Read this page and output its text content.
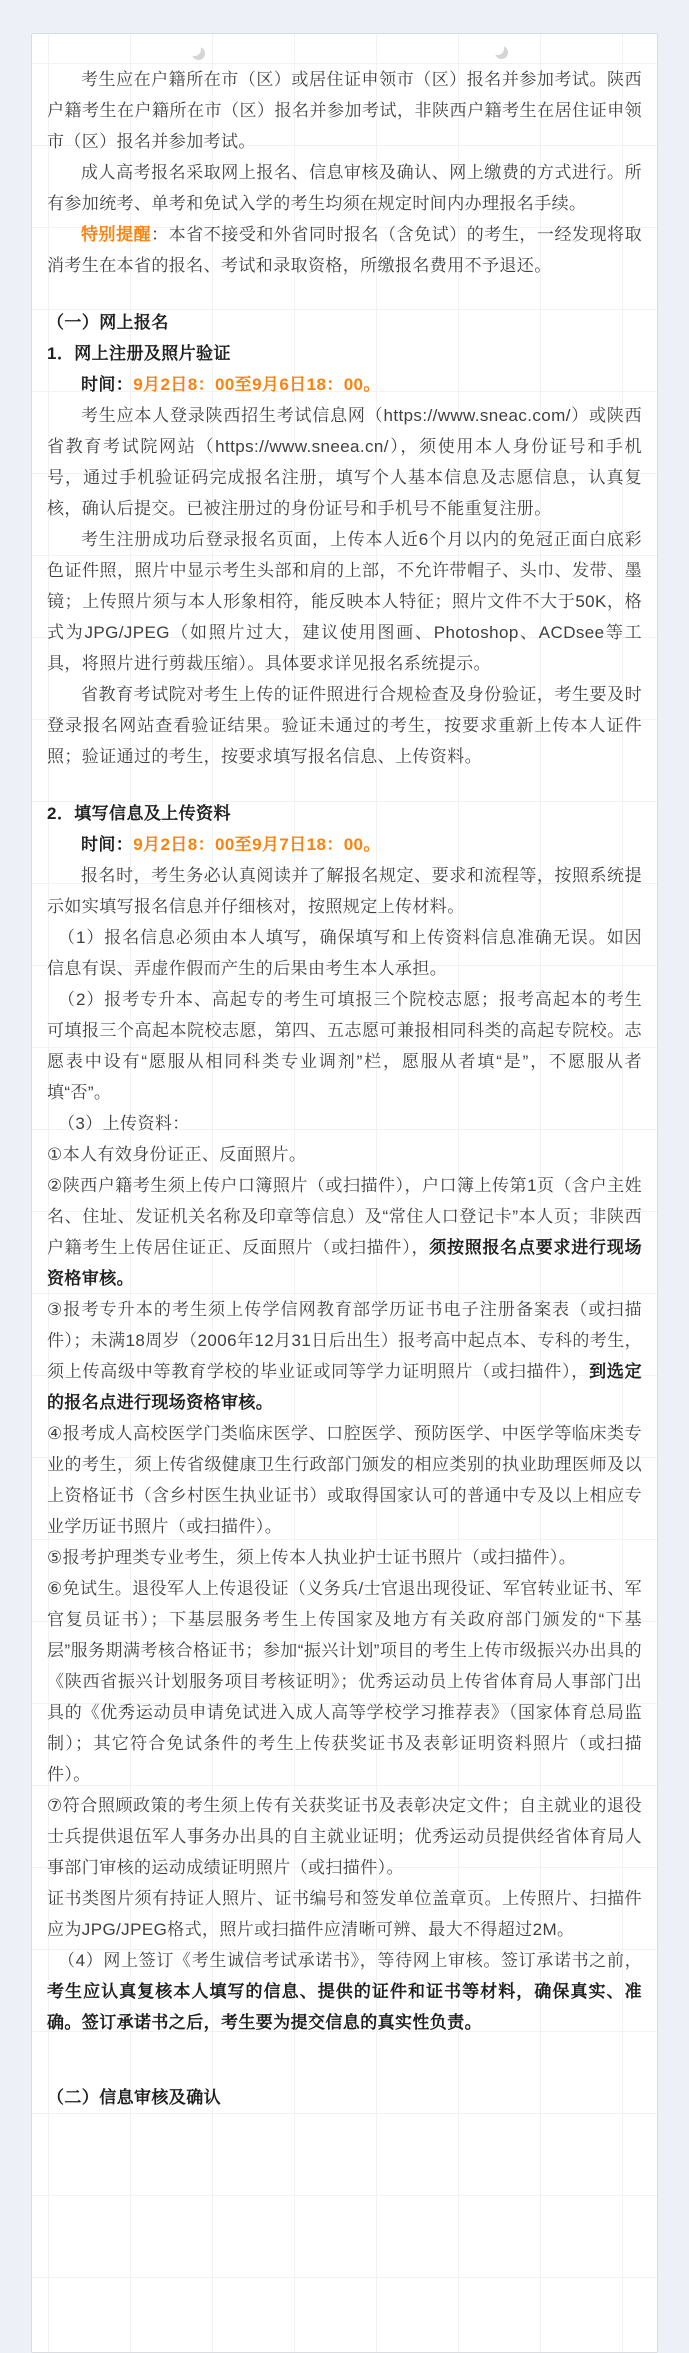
考生应在户籍所在市（区）或居住证申领市（区）报名并参加考试。陕西户籍考生在户籍所在市（区）报名并参加考试，非陕西户籍考生在居住证申领市（区）报名并参加考试。
成人高考报名采取网上报名、信息审核及确认、网上缴费的方式进行。所有参加统考、单考和免试入学的考生均须在规定时间内办理报名手续。
特别提醒：本省不接受和外省同时报名（含免试）的考生，一经发现将取消考生在本省的报名、考试和录取资格，所缴报名费用不予退还。
（一）网上报名
1．网上注册及照片验证
时间：9月2日8：00至9月6日18：00。
考生应本人登录陕西招生考试信息网（https://www.sneac.com/）或陕西省教育考试院网站（https://www.sneea.cn/），须使用本人身份证号和手机号，通过手机验证码完成报名注册，填写个人基本信息及志愿信息，认真复核，确认后提交。已被注册过的身份证号和手机号不能重复注册。
考生注册成功后登录报名页面，上传本人近6个月以内的免冠正面白底彩色证件照，照片中显示考生头部和肩的上部，不允许带帽子、头巾、发带、墨镜；上传照片须与本人形象相符，能反映本人特征；照片文件不大于50K，格式为JPG/JPEG（如照片过大，建议使用图画、Photoshop、ACDsee等工具，将照片进行剪裁压缩）。具体要求详见报名系统提示。
省教育考试院对考生上传的证件照进行合规检查及身份验证，考生要及时登录报名网站查看验证结果。验证未通过的考生，按要求重新上传本人证件照；验证通过的考生，按要求填写报名信息、上传资料。
2．填写信息及上传资料
时间：9月2日8：00至9月7日18：00。
报名时，考生务必认真阅读并了解报名规定、要求和流程等，按照系统提示如实填写报名信息并仔细核对，按照规定上传材料。
（1）报名信息必须由本人填写，确保填写和上传资料信息准确无误。如因信息有误、弄虚作假而产生的后果由考生本人承担。
（2）报考专升本、高起专的考生可填报三个院校志愿；报考高起本的考生可填报三个高起本院校志愿，第四、五志愿可兼报相同科类的高起专院校。志愿表中设有“愿服从相同科类专业调剂”栏，愿服从者填“是”，不愿服从者填“否”。
（3）上传资料：
①本人有效身份证正、反面照片。
②陕西户籍考生须上传户口簿照片（或扫描件），户口簿上传第1页（含户主姓名、住址、发证机关名称及印章等信息）及“常住人口登记卡”本人页；非陕西户籍考生上传居住证正、反面照片（或扫描件），须按照报名点要求进行现场资格审核。
③报考专升本的考生须上传学信网教育部学历证书电子注册备案表（或扫描件）；未满18周岁（2006年12月31日后出生）报考高中起点本、专科的考生，须上传高级中等教育学校的毕业证或同等学力证明照片（或扫描件），到选定的报名点进行现场资格审核。
④报考成人高校医学门类临床医学、口腔医学、预防医学、中医学等临床类专业的考生，须上传省级健康卫生行政部门颁发的相应类别的执业助理医师及以上资格证书（含乡村医生执业证书）或取得国家认可的普通中专及以上相应专业学历证书照片（或扫描件）。
⑤报考护理类专业考生，须上传本人执业护士证书照片（或扫描件）。
⑥免试生。退役军人上传退役证（义务兵/士官退出现役证、军官转业证书、军官复员证书）；下基层服务考生上传国家及地方有关政府部门颁发的“下基层”服务期满考核合格证书；参加“振兴计划”项目的考生上传市级振兴办出具的《陕西省振兴计划服务项目考核证明》；优秀运动员上传省体育局人事部门出具的《优秀运动员申请免试进入成人高等学校学习推荐表》（国家体育总局监制）；其它符合免试条件的考生上传获奖证书及表彰证明资料照片（或扫描件）。
⑦符合照顾政策的考生须上传有关获奖证书及表彰决定文件；自主就业的退役士兵提供退伍军人事务办出具的自主就业证明；优秀运动员提供经省体育局人事部门审核的运动成绩证明照片（或扫描件）。
证书类图片须有持证人照片、证书编号和签发单位盖章页。上传照片、扫描件应为JPG/JPEG格式，照片或扫描件应清晰可辨、最大不得超过2M。
（4）网上签订《考生诚信考试承诺书》，等待网上审核。签订承诺书之前，考生应认真复核本人填写的信息、提供的证件和证书等材料，确保真实、准确。签订承诺书之后，考生要为提交信息的真实性负责。
（二）信息审核及确认
